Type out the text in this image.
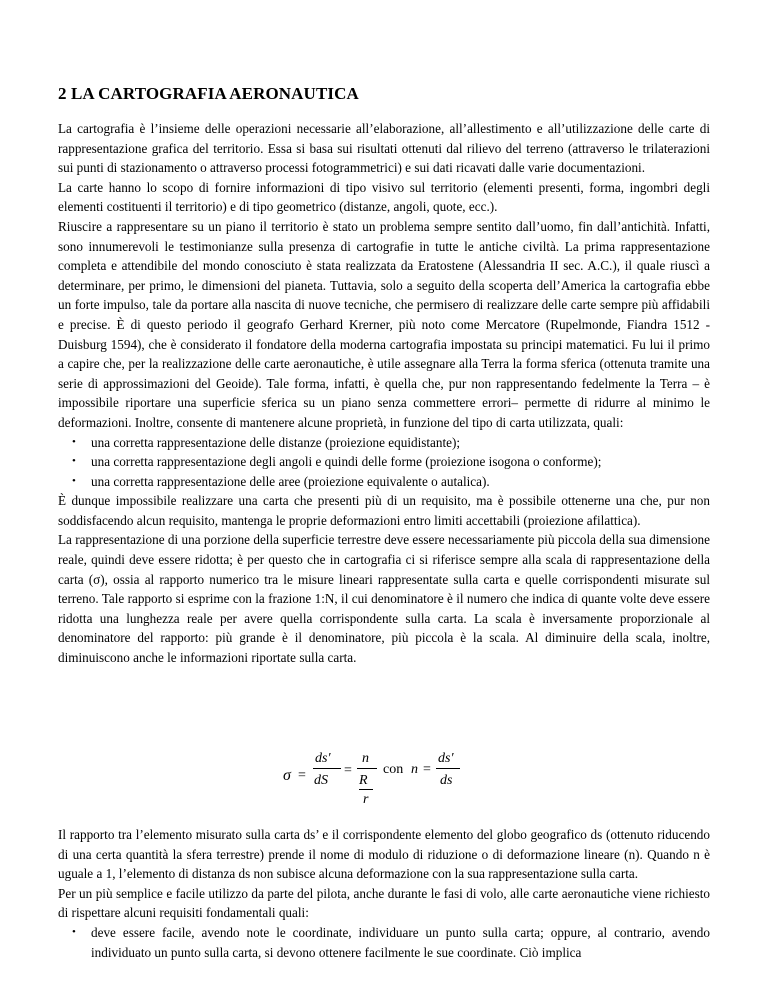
2 LA CARTOGRAFIA AERONAUTICA

La cartografia è l’insieme delle operazioni necessarie all’elaborazione, all’allestimento e all’utilizzazione delle carte di rappresentazione grafica del territorio. Essa si basa sui risultati ottenuti dal rilievo del terreno (attraverso le trilaterazioni sui punti di stazionamento o attraverso processi fotogrammetrici) e sui dati ricavati dalle varie documentazioni.

La carte hanno lo scopo di fornire informazioni di tipo visivo sul territorio (elementi presenti, forma, ingombri degli elementi costituenti il territorio) e di tipo geometrico (distanze, angoli, quote, ecc.).

Riuscire a rappresentare su un piano il territorio è stato un problema sempre sentito dall’uomo, fin dall’antichità. Infatti, sono innumerevoli le testimonianze sulla presenza di cartografie in tutte le antiche civiltà. La prima rappresentazione completa e attendibile del mondo conosciuto è stata realizzata da Eratostene (Alessandria II sec. A.C.), il quale riuscì a determinare, per primo, le dimensioni del pianeta. Tuttavia, solo a seguito della scoperta dell’America la cartografia ebbe un forte impulso, tale da portare alla nascita di nuove tecniche, che permisero di realizzare delle carte sempre più affidabili e precise. È di questo periodo il geografo Gerhard Krerner, più noto come Mercatore (Rupelmonde, Fiandra 1512 - Duisburg 1594), che è considerato il fondatore della moderna cartografia impostata su principi matematici. Fu lui il primo a capire che, per la realizzazione delle carte aeronautiche, è utile assegnare alla Terra la forma sferica (ottenuta tramite una serie di approssimazioni del Geoide). Tale forma, infatti, è quella che, pur non rappresentando fedelmente la Terra – è impossibile riportare una superficie sferica su un piano senza commettere errori– permette di ridurre al minimo le deformazioni. Inoltre, consente di mantenere alcune proprietà, in funzione del tipo di carta utilizzata, quali:

• una corretta rappresentazione delle distanze (proiezione equidistante);
• una corretta rappresentazione degli angoli e quindi delle forme (proiezione isogona o conforme);
• una corretta rappresentazione delle aree (proiezione equivalente o autalica).

È dunque impossibile realizzare una carta che presenti più di un requisito, ma è possibile ottenerne una che, pur non soddisfacendo alcun requisito, mantenga le proprie deformazioni entro limiti accettabili (proiezione afilattica).

La rappresentazione di una porzione della superficie terrestre deve essere necessariamente più piccola della sua dimensione reale, quindi deve essere ridotta; è per questo che in cartografia ci si riferisce sempre alla scala di rappresentazione della carta (σ), ossia al rapporto numerico tra le misure lineari rappresentate sulla carta e quelle corrispondenti misurate sul terreno. Tale rapporto si esprime con la frazione 1:N, il cui denominatore è il numero che indica di quante volte deve essere ridotta una lunghezza reale per avere quella corrispondente sulla carta. La scala è inversamente proporzionale al denominatore del rapporto: più grande è il denominatore, più piccola è la scala. Al diminuire della scala, inoltre, diminuiscono anche le informazioni riportate sulla carta.

σ =
ds′
dS
=
n
R
r
con n =
ds′
ds

Il rapporto tra l’elemento misurato sulla carta ds’ e il corrispondente elemento del globo geografico ds (ottenuto riducendo di una certa quantità la sfera terrestre) prende il nome di modulo di riduzione o di deformazione lineare (n). Quando n è uguale a 1, l’elemento di distanza ds non subisce alcuna deformazione con la sua rappresentazione sulla carta.

Per un più semplice e facile utilizzo da parte del pilota, anche durante le fasi di volo, alle carte aeronautiche viene richiesto di rispettare alcuni requisiti fondamentali quali:

• deve essere facile, avendo note le coordinate, individuare un punto sulla carta; oppure, al contrario, avendo individuato un punto sulla carta, si devono ottenere facilmente le sue coordinate. Ciò implica
